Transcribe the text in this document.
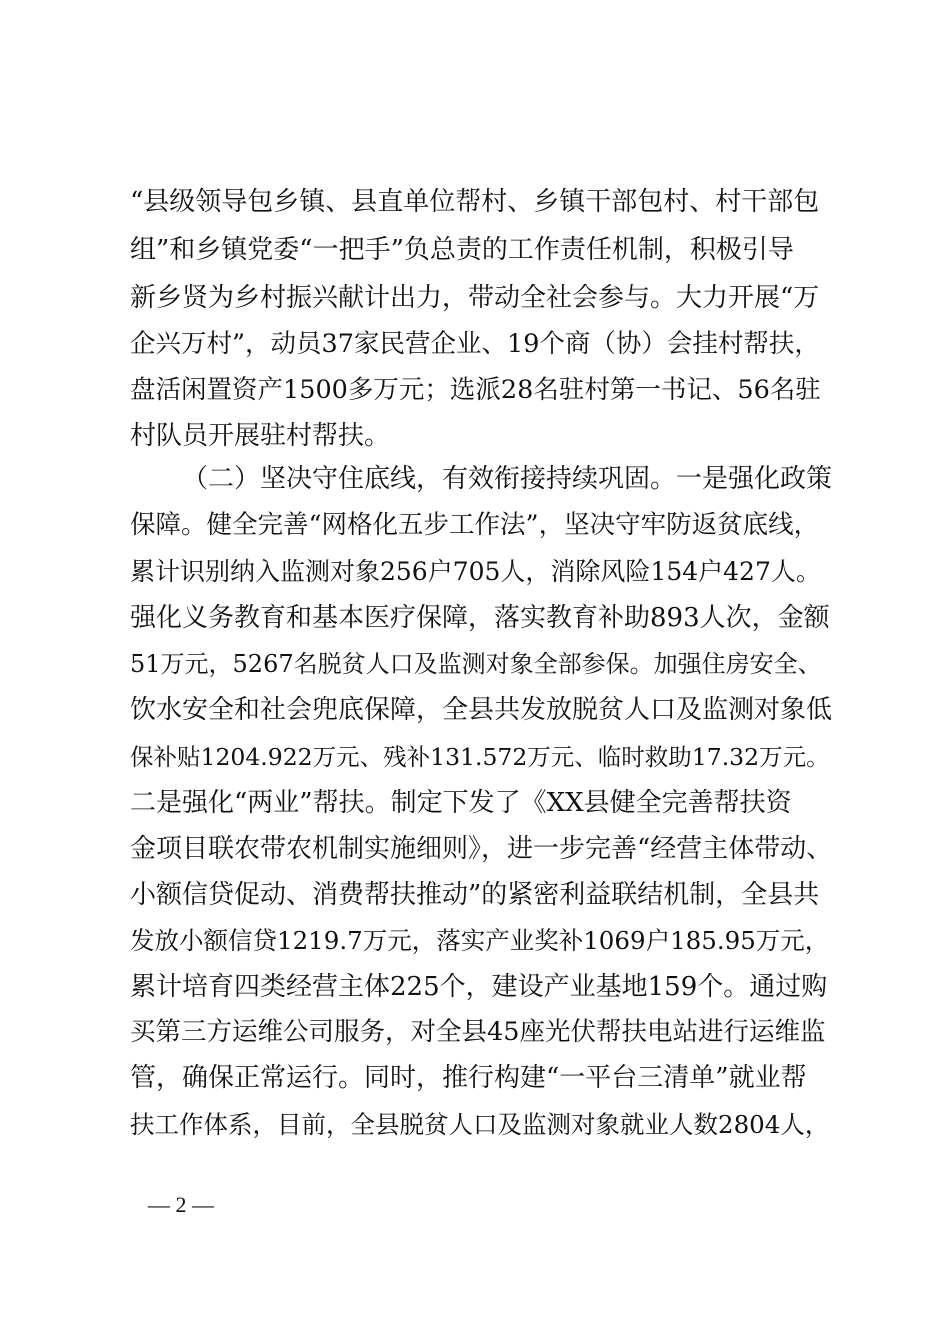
“县级领导包乡镇、县直单位帮村、乡镇干部包村、村干部包
组”和乡镇党委“一把手”负总责的工作责任机制，积极引导
新乡贤为乡村振兴献计出力，带动全社会参与。大力开展“万
企兴万村”，动员37家民营企业、19个商（协）会挂村帮扶，
盘活闲置资产1500多万元；选派28名驻村第一书记、56名驻
村队员开展驻村帮扶。
（二）坚决守住底线，有效衔接持续巩固。一是强化政策
保障。健全完善“网格化五步工作法”，坚决守牢防返贫底线，
累计识别纳入监测对象256户705人，消除风险154户427人。
强化义务教育和基本医疗保障，落实教育补助893人次，金额
51万元，5267名脱贫人口及监测对象全部参保。加强住房安全、
饮水安全和社会兜底保障，全县共发放脱贫人口及监测对象低
保补贴1204.922万元、残补131.572万元、临时救助17.32万元。
二是强化“两业”帮扶。制定下发了《XX县健全完善帮扶资
金项目联农带农机制实施细则》，进一步完善“经营主体带动、
小额信贷促动、消费帮扶推动”的紧密利益联结机制，全县共
发放小额信贷1219.7万元，落实产业奖补1069户185.95万元，
累计培育四类经营主体225个，建设产业基地159个。通过购
买第三方运维公司服务，对全县45座光伏帮扶电站进行运维监
管，确保正常运行。同时，推行构建“一平台三清单”就业帮
扶工作体系，目前，全县脱贫人口及监测对象就业人数2804人，
— 2 —
